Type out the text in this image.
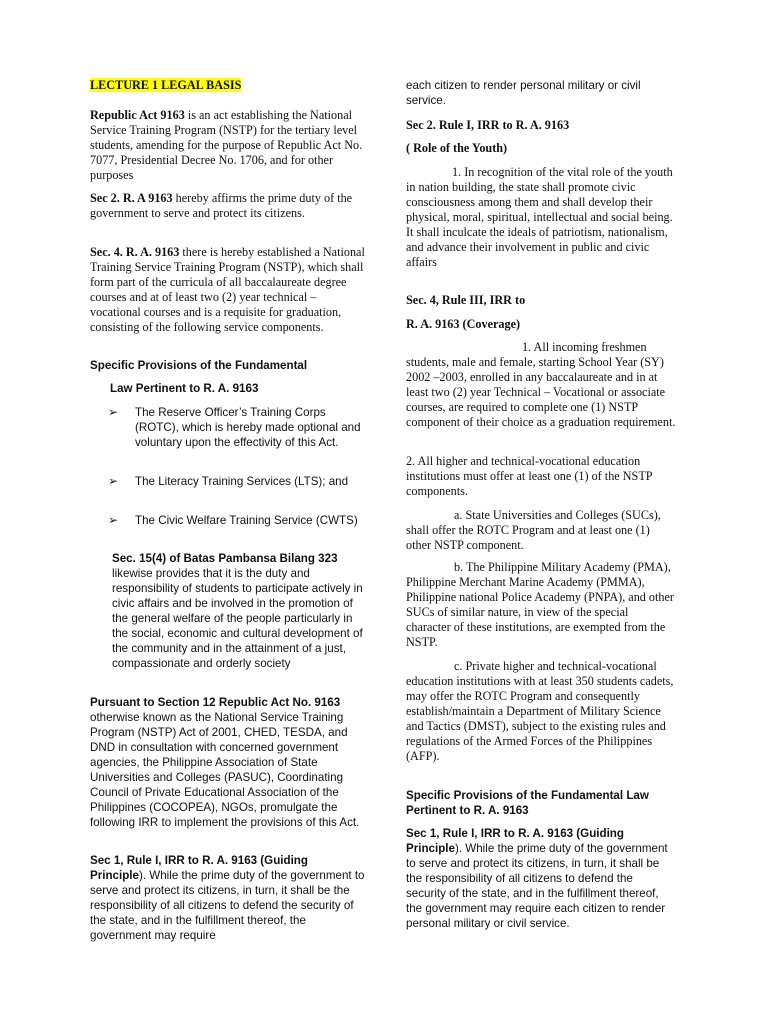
LECTURE 1 LEGAL BASIS

Republic Act 9163 is an act establishing the National Service Training Program (NSTP) for the tertiary level students, amending for the purpose of Republic Act No. 7077, Presidential Decree No. 1706, and for other purposes

Sec 2. R. A 9163 hereby affirms the prime duty of the government to serve and protect its citizens.

Sec. 4. R. A. 9163 there is hereby established a National Training Service Training Program (NSTP), which shall form part of the curricula of all baccalaureate degree courses and at of least two (2) year technical – vocational courses and is a requisite for graduation, consisting of the following service components.

Specific Provisions of the Fundamental

Law Pertinent to R. A. 9163

➢ The Reserve Officer’s Training Corps (ROTC), which is hereby made optional and voluntary upon the effectivity of this Act.
➢ The Literacy Training Services (LTS); and
➢ The Civic Welfare Training Service (CWTS)
Sec. 15(4) of Batas Pambansa Bilang 323
likewise provides that it is the duty and responsibility of students to participate actively in civic affairs and be involved in the promotion of the general welfare of the people particularly in the social, economic and cultural development of the community and in the attainment of a just, compassionate and orderly society
Pursuant to Section 12 Republic Act No. 9163
otherwise known as the National Service Training Program (NSTP) Act of 2001, CHED, TESDA, and DND in consultation with concerned government agencies, the Philippine Association of State Universities and Colleges (PASUC), Coordinating Council of Private Educational Association of the Philippines (COCOPEA), NGOs, promulgate the following IRR to implement the provisions of this Act.

Sec 1, Rule I, IRR to R. A. 9163 (Guiding Principle). While the prime duty of the government to serve and protect its citizens, in turn, it shall be the responsibility of all citizens to defend the security of the state, and in the fulfillment thereof, the government may require

each citizen to render personal military or civil service.

Sec 2. Rule I, IRR to R. A. 9163

( Role of the Youth)

1. In recognition of the vital role of the youth in nation building, the state shall promote civic consciousness among them and shall develop their physical, moral, spiritual, intellectual and social being. It shall inculcate the ideals of patriotism, nationalism, and advance their involvement in public and civic affairs

Sec. 4, Rule III, IRR to

R. A. 9163 (Coverage)

1. All incoming freshmen students, male and female, starting School Year (SY) 2002 –2003, enrolled in any baccalaureate and in at least two (2) year Technical – Vocational or associate courses, are required to complete one (1) NSTP component of their choice as a graduation requirement.

2. All higher and technical-vocational education institutions must offer at least one (1) of the NSTP components.

a. State Universities and Colleges (SUCs), shall offer the ROTC Program and at least one (1) other NSTP component.

b. The Philippine Military Academy (PMA), Philippine Merchant Marine Academy (PMMA), Philippine national Police Academy (PNPA), and other SUCs of similar nature, in view of the special character of these institutions, are exempted from the NSTP.

c. Private higher and technical-vocational education institutions with at least 350 students cadets, may offer the ROTC Program and consequently establish/maintain a Department of Military Science and Tactics (DMST), subject to the existing rules and regulations of the Armed Forces of the Philippines (AFP).

Specific Provisions of the Fundamental Law Pertinent to R. A. 9163

Sec 1, Rule I, IRR to R. A. 9163 (Guiding Principle). While the prime duty of the government to serve and protect its citizens, in turn, it shall be the responsibility of all citizens to defend the security of the state, and in the fulfillment thereof, the government may require each citizen to render personal military or civil service.
